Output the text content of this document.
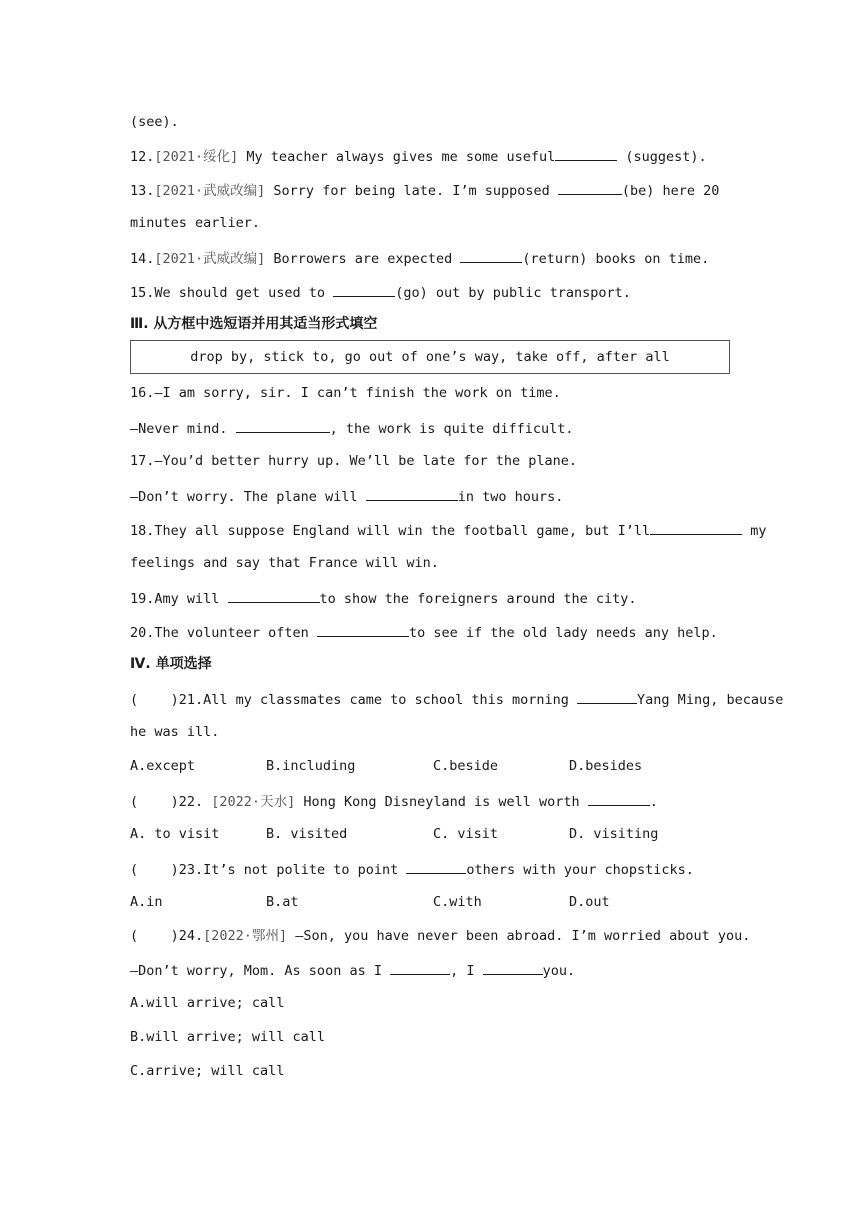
(see).
12.[2021·绥化] My teacher always gives me some useful	(suggest).
13.[2021·武威改编] Sorry for being late. I’m supposed	(be) here 20
minutes earlier.
14.[2021·武威改编] Borrowers are expected	(return) books on time.
15.We should get used to	(go) out by public transport.
Ⅲ. 从方框中选短语并用其适当形式填空
drop by, stick to, go out of one’s way, take off, after all
16.—I am sorry, sir. I can’t finish the work on time.
—Never mind.	, the work is quite difficult.
17.—You’d better hurry up. We’ll be late for the plane.
—Don’t worry. The plane will	in two hours.
18.They all suppose England will win the football game, but I’ll	my
feelings and say that France will win.
19.Amy will	to show the foreigners around the city.
20.The volunteer often	to see if the old lady needs any help.
Ⅳ. 单项选择
(    )21.All my classmates came to school this morning	Yang Ming, because
he was ill.
A.except	B.including	C.beside	D.besides
(    )22. [2022·天水] Hong Kong Disneyland is well worth	.
A. to visit	B. visited	C. visit	D. visiting
(    )23.It’s not polite to point	others with your chopsticks.
A.in	B.at	C.with	D.out
(    )24.[2022·鄂州] —Son, you have never been abroad. I’m worried about you.
—Don’t worry, Mom. As soon as I	, I	you.
A.will arrive; call
B.will arrive; will call
C.arrive; will call
